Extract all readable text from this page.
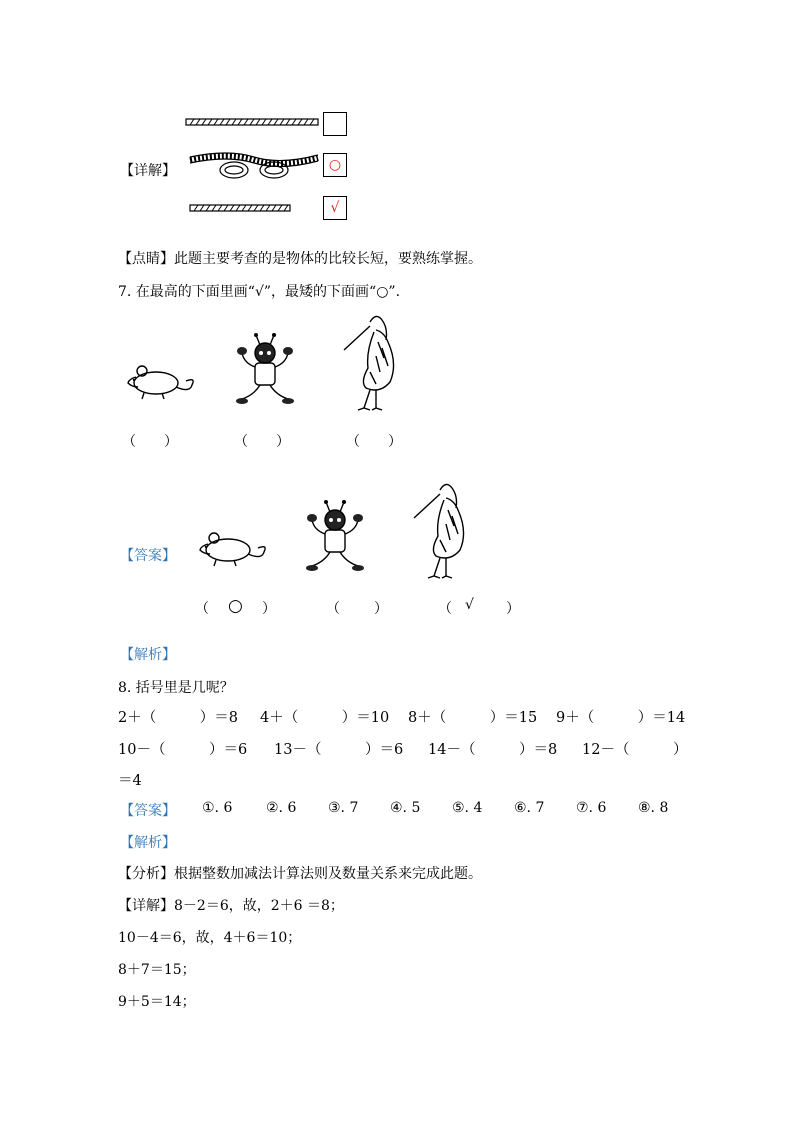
【详解】	○
√
【点睛】此题主要考查的是物体的比较长短，要熟练掌握。
7. 在最高的下面里画“√”，最矮的下面画“○”.
（　　）	（　　）	（　　）
【答案】
（ ○ ）	（ ）	（ √ ）
【解析】
8. 括号里是几呢？
2＋（　　　）＝8 4＋（　　　）＝10 8＋（　　　）＝15 9＋（　　　）＝14
10－（　　　）＝6 13－（　　　）＝6 14－（　　　）＝8 12－（　　　）
＝4
【答案】 ①. 6 ②. 6 ③. 7 ④. 5 ⑤. 4 ⑥. 7 ⑦. 6 ⑧. 8
【解析】
【分析】根据整数加减法计算法则及数量关系来完成此题。
【详解】8－2＝6，故，2＋6 ＝8；
10－4＝6，故，4＋6＝10；
8＋7＝15；
9＋5＝14；
